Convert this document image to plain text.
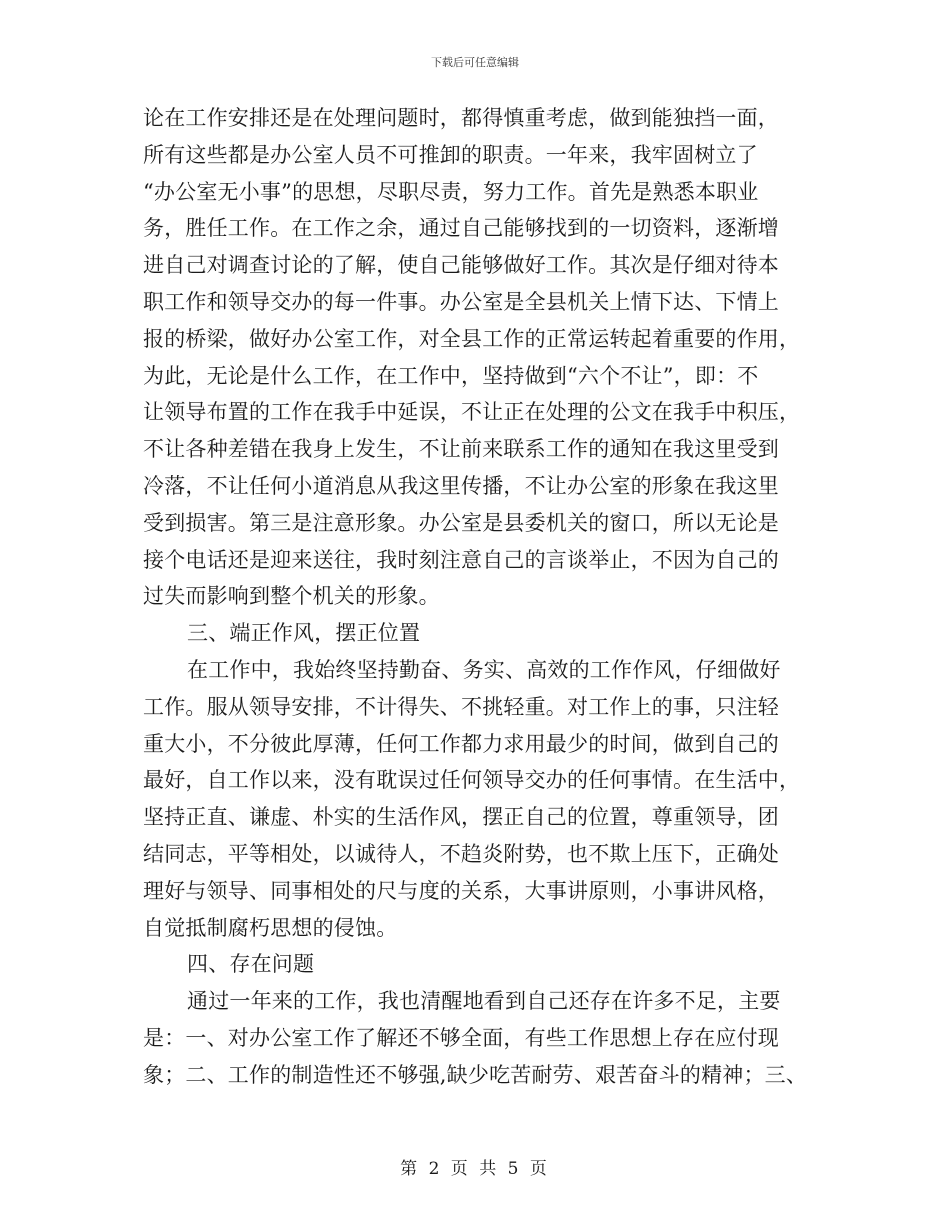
下载后可任意编辑
论在工作安排还是在处理问题时，都得慎重考虑，做到能独挡一面，
所有这些都是办公室人员不可推卸的职责。一年来，我牢固树立了
“办公室无小事”的思想，尽职尽责，努力工作。首先是熟悉本职业
务，胜任工作。在工作之余，通过自己能够找到的一切资料，逐渐增
进自己对调查讨论的了解，使自己能够做好工作。其次是仔细对待本
职工作和领导交办的每一件事。办公室是全县机关上情下达、下情上
报的桥梁，做好办公室工作，对全县工作的正常运转起着重要的作用，
为此，无论是什么工作，在工作中，坚持做到“六个不让”，即：不
让领导布置的工作在我手中延误，不让正在处理的公文在我手中积压，
不让各种差错在我身上发生，不让前来联系工作的通知在我这里受到
冷落，不让任何小道消息从我这里传播，不让办公室的形象在我这里
受到损害。第三是注意形象。办公室是县委机关的窗口，所以无论是
接个电话还是迎来送往，我时刻注意自己的言谈举止，不因为自己的
过失而影响到整个机关的形象。
三、端正作风，摆正位置
在工作中，我始终坚持勤奋、务实、高效的工作作风，仔细做好
工作。服从领导安排，不计得失、不挑轻重。对工作上的事，只注轻
重大小，不分彼此厚薄，任何工作都力求用最少的时间，做到自己的
最好，自工作以来，没有耽误过任何领导交办的任何事情。在生活中，
坚持正直、谦虚、朴实的生活作风，摆正自己的位置，尊重领导，团
结同志，平等相处，以诚待人，不趋炎附势，也不欺上压下，正确处
理好与领导、同事相处的尺与度的关系，大事讲原则，小事讲风格，
自觉抵制腐朽思想的侵蚀。
四、存在问题
通过一年来的工作，我也清醒地看到自己还存在许多不足，主要
是：一、对办公室工作了解还不够全面，有些工作思想上存在应付现
象；二、工作的制造性还不够强,缺少吃苦耐劳、艰苦奋斗的精神；三、
第 2 页 共 5 页
